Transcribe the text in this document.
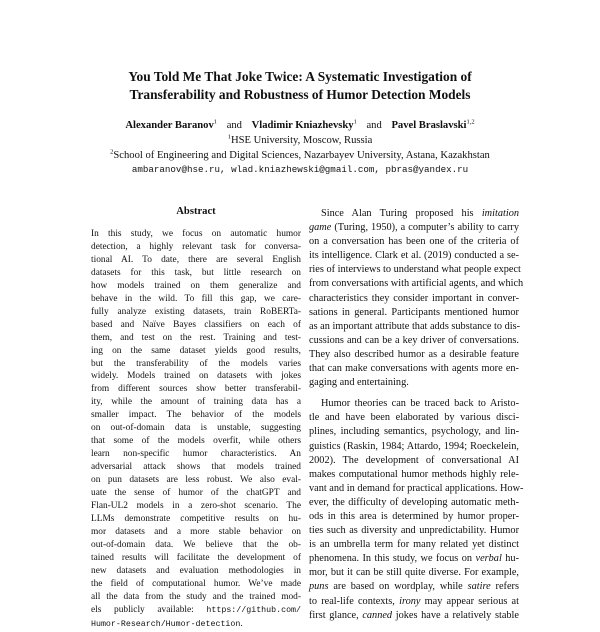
You Told Me That Joke Twice: A Systematic Investigation of
Transferability and Robustness of Humor Detection Models
Alexander Baranov$^1$ and Vladimir Kniazhevsky$^1$ and Pavel Braslavski$^{1,2}$
$^1$HSE University, Moscow, Russia
$^2$School of Engineering and Digital Sciences, Nazarbayev University, Astana, Kazakhstan
ambaranov@hse.ru, wlad.kniazhewski@gmail.com, pbras@yandex.ru
Abstract
In this study, we focus on automatic humor
detection, a highly relevant task for conversa-
tional AI. To date, there are several English
datasets for this task, but little research on
how models trained on them generalize and
behave in the wild. To fill this gap, we care-
fully analyze existing datasets, train RoBERTa-
based and Naïve Bayes classifiers on each of
them, and test on the rest. Training and test-
ing on the same dataset yields good results,
but the transferability of the models varies
widely. Models trained on datasets with jokes
from different sources show better transferabil-
ity, while the amount of training data has a
smaller impact. The behavior of the models
on out-of-domain data is unstable, suggesting
that some of the models overfit, while others
learn non-specific humor characteristics. An
adversarial attack shows that models trained
on pun datasets are less robust. We also eval-
uate the sense of humor of the chatGPT and
Flan-UL2 models in a zero-shot scenario. The
LLMs demonstrate competitive results on hu-
mor datasets and a more stable behavior on
out-of-domain data. We believe that the ob-
tained results will facilitate the development of
new datasets and evaluation methodologies in
the field of computational humor. We’ve made
all the data from the study and the trained mod-
els publicly available: https://github.com/
Humor-Research/Humor-detection.
Since Alan Turing proposed his imitation
game (Turing, 1950), a computer’s ability to carry
on a conversation has been one of the criteria of
its intelligence. Clark et al. (2019) conducted a se-
ries of interviews to understand what people expect
from conversations with artificial agents, and which
characteristics they consider important in conver-
sations in general. Participants mentioned humor
as an important attribute that adds substance to dis-
cussions and can be a key driver of conversations.
They also described humor as a desirable feature
that can make conversations with agents more en-
gaging and entertaining.
Humor theories can be traced back to Aristo-
tle and have been elaborated by various disci-
plines, including semantics, psychology, and lin-
guistics (Raskin, 1984; Attardo, 1994; Roeckelein,
2002). The development of conversational AI
makes computational humor methods highly rele-
vant and in demand for practical applications. How-
ever, the difficulty of developing automatic meth-
ods in this area is determined by humor proper-
ties such as diversity and unpredictability. Humor
is an umbrella term for many related yet distinct
phenomena. In this study, we focus on verbal hu-
mor, but it can be still quite diverse. For example,
puns are based on wordplay, while satire refers
to real-life contexts, irony may appear serious at
first glance, canned jokes have a relatively stable
